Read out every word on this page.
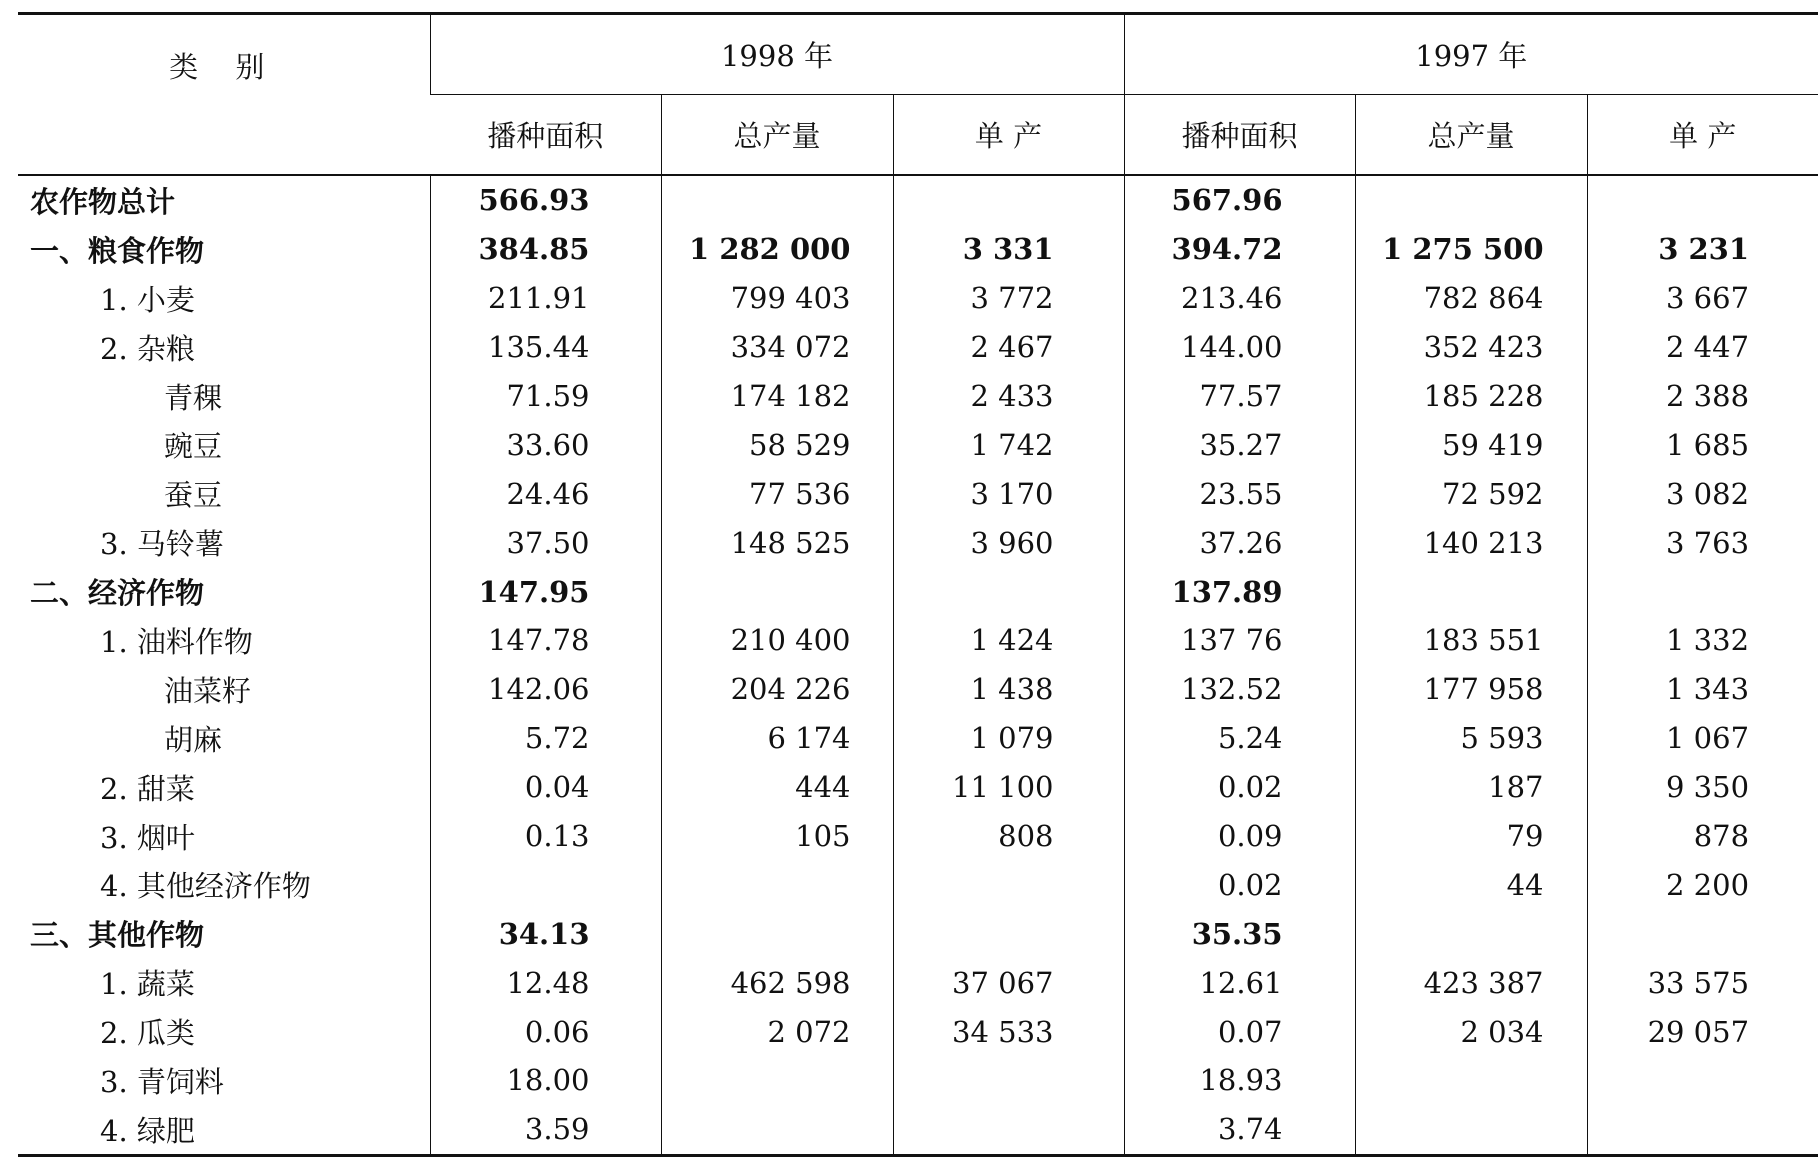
类 别	1998 年			1997 年		
	播种面积	总产量	单 产	播种面积	总产量	单 产
农作物总计	566.93			567.96		
一、粮食作物	384.85	1 282 000	3 331	394.72	1 275 500	3 231
1. 小麦	211.91	799 403	3 772	213.46	782 864	3 667
2. 杂粮	135.44	334 072	2 467	144.00	352 423	2 447
青稞	71.59	174 182	2 433	77.57	185 228	2 388
豌豆	33.60	58 529	1 742	35.27	59 419	1 685
蚕豆	24.46	77 536	3 170	23.55	72 592	3 082
3. 马铃薯	37.50	148 525	3 960	37.26	140 213	3 763
二、经济作物	147.95			137.89		
1. 油料作物	147.78	210 400	1 424	137 76	183 551	1 332
油菜籽	142.06	204 226	1 438	132.52	177 958	1 343
胡麻	5.72	6 174	1 079	5.24	5 593	1 067
2. 甜菜	0.04	444	11 100	0.02	187	9 350
3. 烟叶	0.13	105	808	0.09	79	878
4. 其他经济作物				0.02	44	2 200
三、其他作物	34.13			35.35		
1. 蔬菜	12.48	462 598	37 067	12.61	423 387	33 575
2. 瓜类	0.06	2 072	34 533	0.07	2 034	29 057
3. 青饲料	18.00			18.93		
4. 绿肥	3.59			3.74		
